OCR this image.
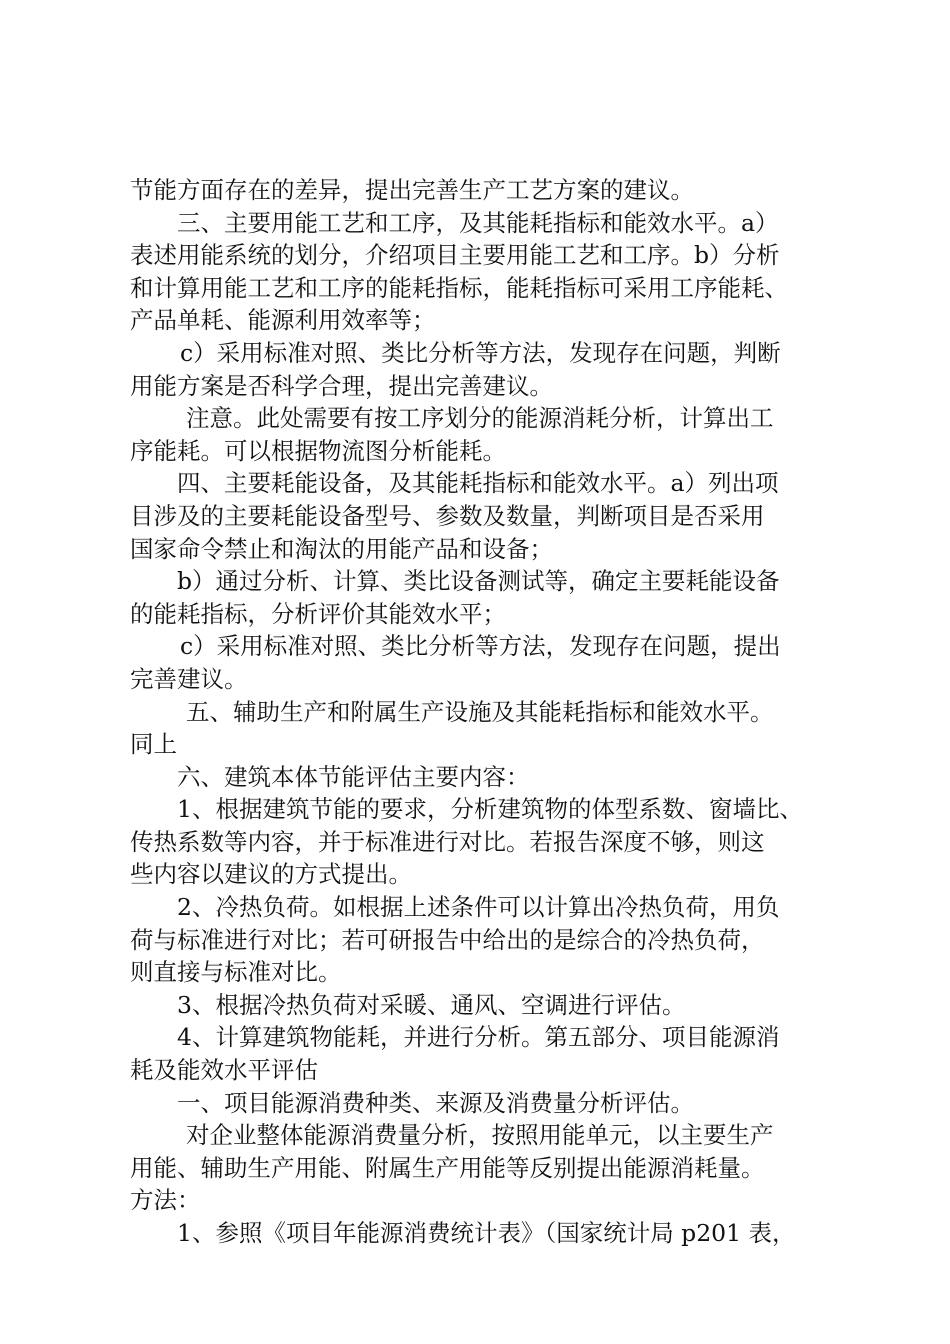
节能方面存在的差异，提出完善生产工艺方案的建议。
三、主要用能工艺和工序，及其能耗指标和能效水平。a）
表述用能系统的划分，介绍项目主要用能工艺和工序。b）分析
和计算用能工艺和工序的能耗指标，能耗指标可采用工序能耗、
产品单耗、能源利用效率等；
c）采用标准对照、类比分析等方法，发现存在问题，判断
用能方案是否科学合理，提出完善建议。
注意。此处需要有按工序划分的能源消耗分析，计算出工
序能耗。可以根据物流图分析能耗。
四、主要耗能设备，及其能耗指标和能效水平。a）列出项
目涉及的主要耗能设备型号、参数及数量，判断项目是否采用
国家命令禁止和淘汰的用能产品和设备；
b）通过分析、计算、类比设备测试等，确定主要耗能设备
的能耗指标，分析评价其能效水平；
c）采用标准对照、类比分析等方法，发现存在问题，提出
完善建议。
五、辅助生产和附属生产设施及其能耗指标和能效水平。
同上
六、建筑本体节能评估主要内容：
1、根据建筑节能的要求，分析建筑物的体型系数、窗墙比、
传热系数等内容，并于标准进行对比。若报告深度不够，则这
些内容以建议的方式提出。
2、冷热负荷。如根据上述条件可以计算出冷热负荷，用负
荷与标准进行对比；若可研报告中给出的是综合的冷热负荷，
则直接与标准对比。
3、根据冷热负荷对采暖、通风、空调进行评估。
4、计算建筑物能耗，并进行分析。第五部分、项目能源消
耗及能效水平评估
一、项目能源消费种类、来源及消费量分析评估。
对企业整体能源消费量分析，按照用能单元，以主要生产
用能、辅助生产用能、附属生产用能等反别提出能源消耗量。
方法：
1、参照《项目年能源消费统计表》（国家统计局 p201 表，
